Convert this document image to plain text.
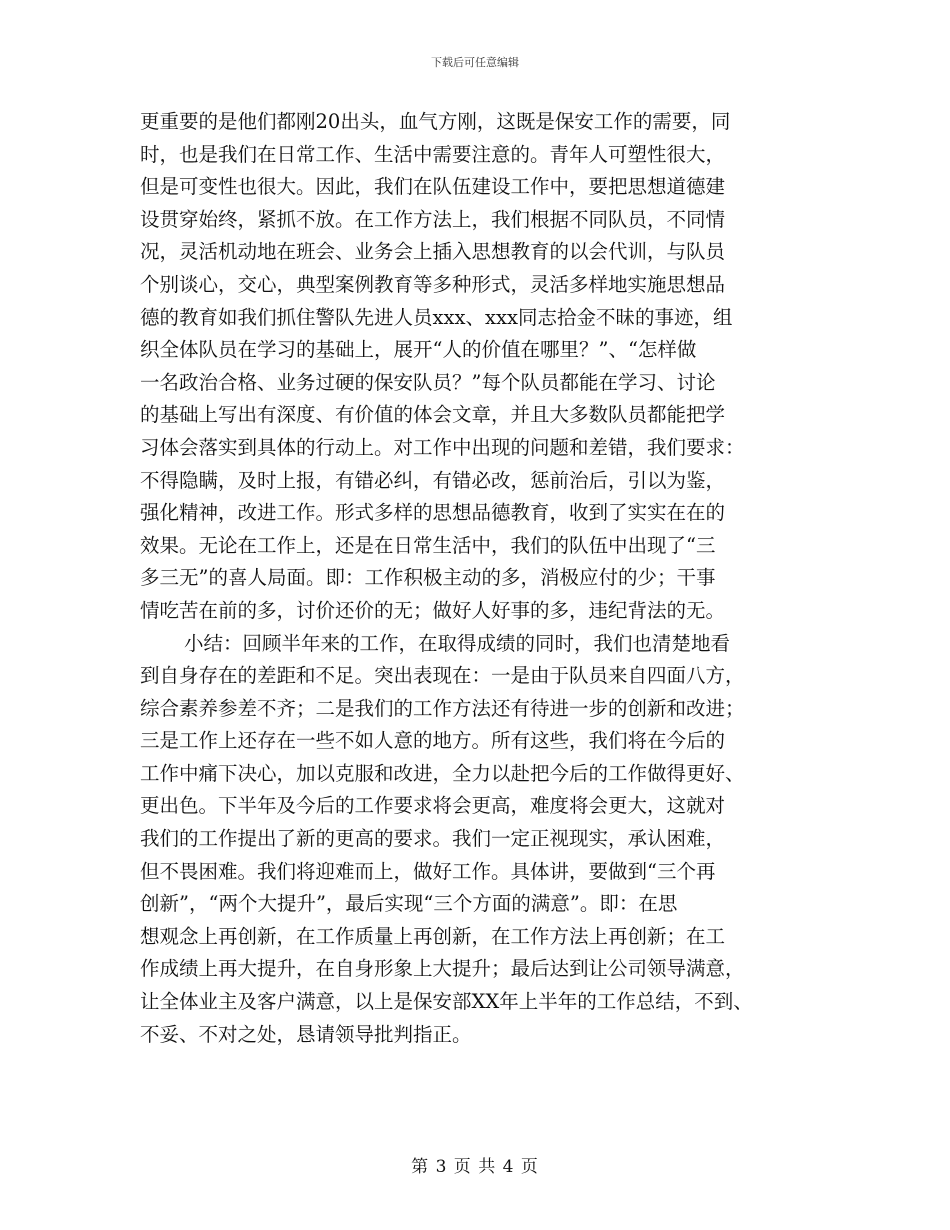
下载后可任意编辑
更重要的是他们都刚20出头，血气方刚，这既是保安工作的需要，同
时，也是我们在日常工作、生活中需要注意的。青年人可塑性很大，
但是可变性也很大。因此，我们在队伍建设工作中，要把思想道德建
设贯穿始终，紧抓不放。在工作方法上，我们根据不同队员，不同情
况，灵活机动地在班会、业务会上插入思想教育的以会代训，与队员
个别谈心，交心，典型案例教育等多种形式，灵活多样地实施思想品
德的教育如我们抓住警队先进人员xxx、xxx同志拾金不昧的事迹，组
织全体队员在学习的基础上，展开“人的价值在哪里？”、“怎样做
一名政治合格、业务过硬的保安队员？”每个队员都能在学习、讨论
的基础上写出有深度、有价值的体会文章，并且大多数队员都能把学
习体会落实到具体的行动上。对工作中出现的问题和差错，我们要求：
不得隐瞒，及时上报，有错必纠，有错必改，惩前治后，引以为鉴，
强化精神，改进工作。形式多样的思想品德教育，收到了实实在在的
效果。无论在工作上，还是在日常生活中，我们的队伍中出现了“三
多三无”的喜人局面。即：工作积极主动的多，消极应付的少；干事
情吃苦在前的多，讨价还价的无；做好人好事的多，违纪背法的无。
小结：回顾半年来的工作，在取得成绩的同时，我们也清楚地看
到自身存在的差距和不足。突出表现在：一是由于队员来自四面八方，
综合素养参差不齐；二是我们的工作方法还有待进一步的创新和改进；
三是工作上还存在一些不如人意的地方。所有这些，我们将在今后的
工作中痛下决心，加以克服和改进，全力以赴把今后的工作做得更好、
更出色。下半年及今后的工作要求将会更高，难度将会更大，这就对
我们的工作提出了新的更高的要求。我们一定正视现实，承认困难，
但不畏困难。我们将迎难而上，做好工作。具体讲，要做到“三个再
创新”，“两个大提升”，最后实现“三个方面的满意”。即：在思
想观念上再创新，在工作质量上再创新，在工作方法上再创新；在工
作成绩上再大提升，在自身形象上大提升；最后达到让公司领导满意，
让全体业主及客户满意，以上是保安部XX年上半年的工作总结，不到、
不妥、不对之处，恳请领导批判指正。
第 3 页 共 4 页
